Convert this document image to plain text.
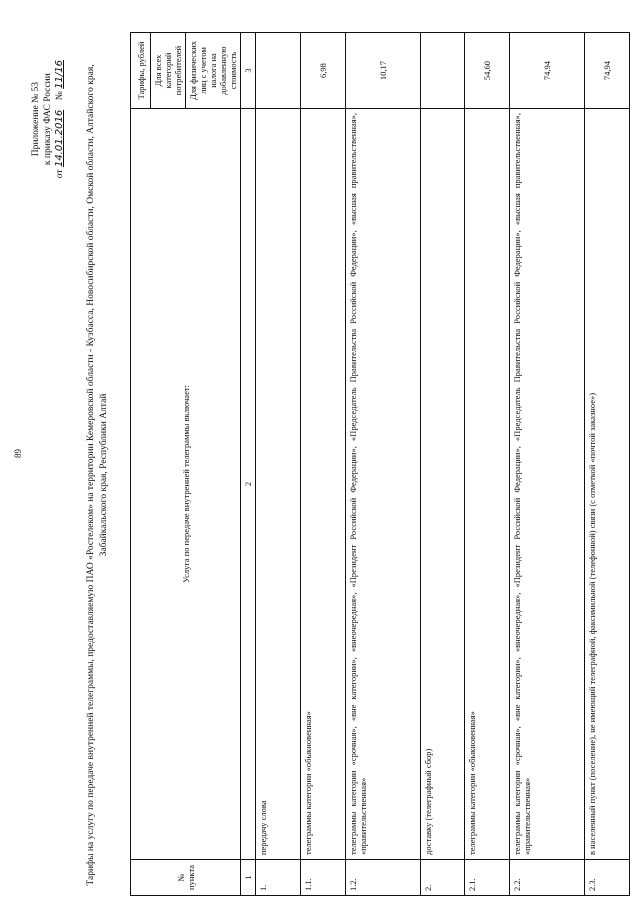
89
Приложение № 53 к приказу ФАС России
от 14.01.2016    № 11/16 Тарифы на услугу по передаче внутренней телеграммы, предоставляемую ПАО «Ростелеком» на территории Кемеровской области - Кузбасса, Новосибирской области, Омской области, Алтайского края, Забайкальского края, Республики Алтай
№ пункта	Услуга по передаче внутренней телеграммы включает:	Тарифы, рублей
		Для всех категорий потребителей
		Для физических лиц с учетом налога на добавленную стоимость
1	2	3
1.	передачу слова	
1.1.	телеграммы категории «обыкновенная»	6,98
1.2.	телеграммы категории «срочная», «вне категории», «внеочередная», «Президент Российской Федерации», «Председатель Правительства Российской Федерации», «высшая правительственная», «правительственная»	10,17
2.	доставку (телеграфный сбор)	
2.1.	телеграммы категории «обыкновенная»	54,60
2.2.	телеграммы категории «срочная», «вне категории», «внеочередная», «Президент Российской Федерации», «Председатель Правительства Российской Федерации», «высшая правительственная», «правительственная»	74,94
2.3.	в населенный пункт (поселение), не имеющий телеграфной, факсимильной (телефонной) связи (с отметкой «почтой заказное»)	74,94
